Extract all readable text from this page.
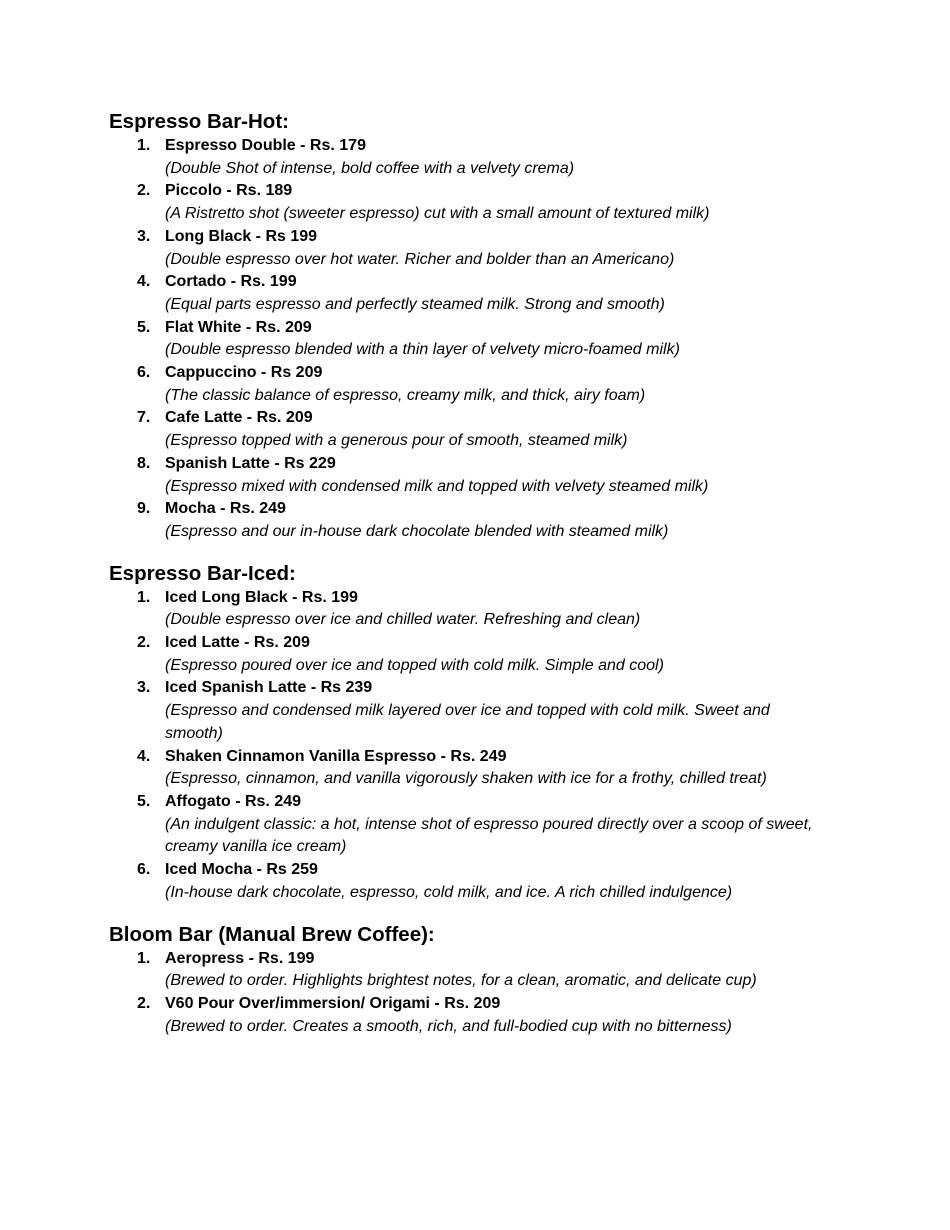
Espresso Bar-Hot:
1. Espresso Double - Rs. 179
(Double Shot of intense, bold coffee with a velvety crema)
2. Piccolo - Rs. 189
(A Ristretto shot (sweeter espresso) cut with a small amount of textured milk)
3. Long Black - Rs 199
(Double espresso over hot water. Richer and bolder than an Americano)
4. Cortado - Rs. 199
(Equal parts espresso and perfectly steamed milk. Strong and smooth)
5. Flat White - Rs. 209
(Double espresso blended with a thin layer of velvety micro-foamed milk)
6. Cappuccino - Rs 209
(The classic balance of espresso, creamy milk, and thick, airy foam)
7. Cafe Latte - Rs. 209
(Espresso topped with a generous pour of smooth, steamed milk)
8. Spanish Latte - Rs 229
(Espresso mixed with condensed milk and topped with velvety steamed milk)
9. Mocha - Rs. 249
(Espresso and our in-house dark chocolate blended with steamed milk)
Espresso Bar-Iced:
1. Iced Long Black - Rs. 199
(Double espresso over ice and chilled water. Refreshing and clean)
2. Iced Latte - Rs. 209
(Espresso poured over ice and topped with cold milk. Simple and cool)
3. Iced Spanish Latte - Rs 239
(Espresso and condensed milk layered over ice and topped with cold milk. Sweet and smooth)
4. Shaken Cinnamon Vanilla Espresso - Rs. 249
(Espresso, cinnamon, and vanilla vigorously shaken with ice for a frothy, chilled treat)
5. Affogato - Rs. 249
(An indulgent classic: a hot, intense shot of espresso poured directly over a scoop of sweet, creamy vanilla ice cream)
6. Iced Mocha - Rs 259
(In-house dark chocolate, espresso, cold milk, and ice. A rich chilled indulgence)
Bloom Bar (Manual Brew Coffee):
1. Aeropress - Rs. 199
(Brewed to order. Highlights brightest notes, for a clean, aromatic, and delicate cup)
2. V60 Pour Over/immersion/ Origami - Rs. 209
(Brewed to order. Creates a smooth, rich, and full-bodied cup with no bitterness)
